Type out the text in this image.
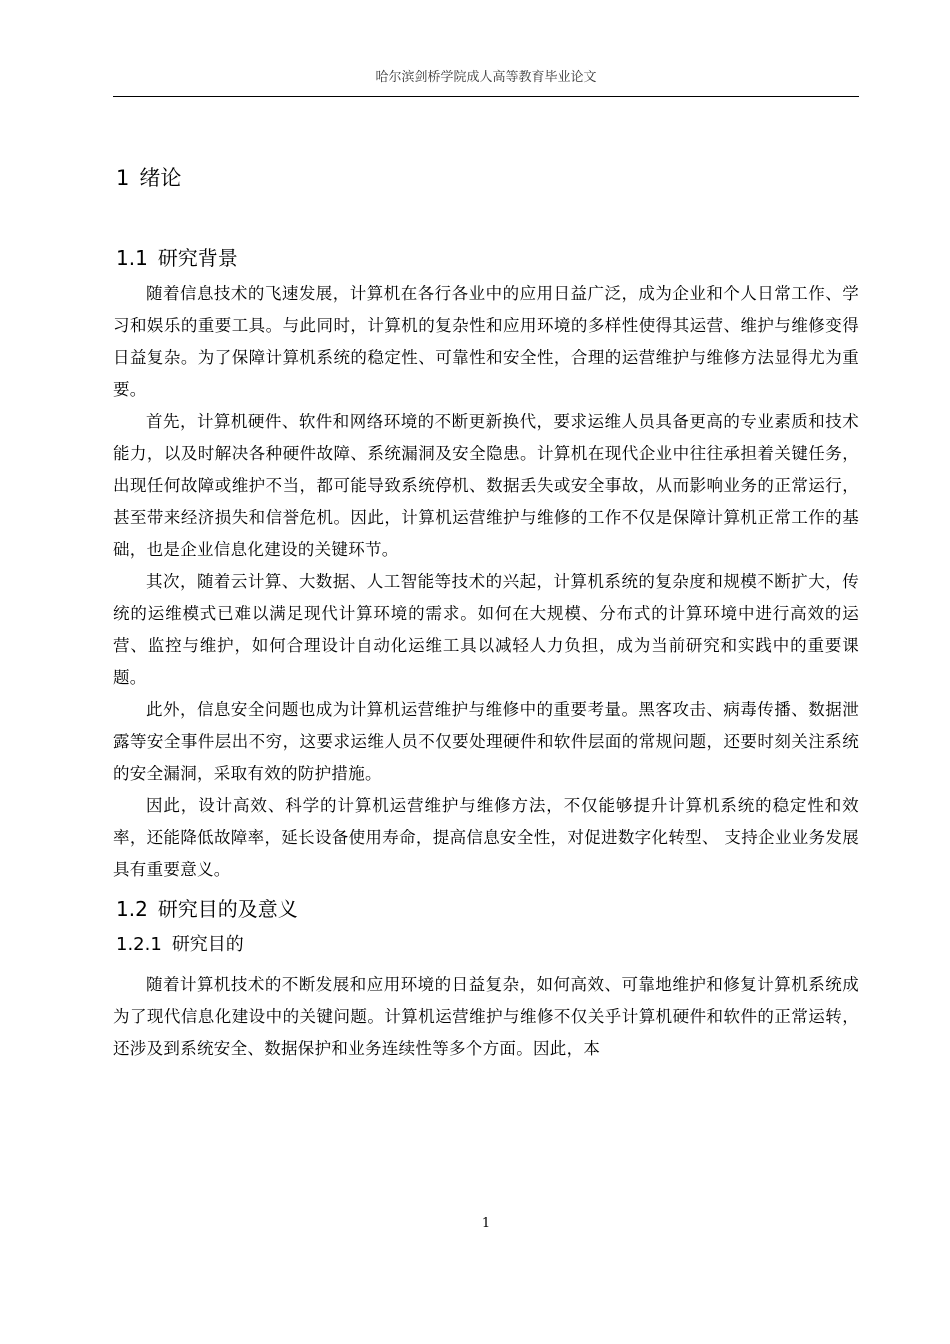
哈尔滨剑桥学院成人高等教育毕业论文
1 绪论
1.1 研究背景

随着信息技术的飞速发展，计算机在各行各业中的应用日益广泛，成为企业和个人日常工作、学习和娱乐的重要工具。与此同时，计算机的复杂性和应用环境的多样性使得其运营、维护与维修变得日益复杂。为了保障计算机系统的稳定性、可靠性和安全性，合理的运营维护与维修方法显得尤为重要。

首先，计算机硬件、软件和网络环境的不断更新换代，要求运维人员具备更高的专业素质和技术能力，以及时解决各种硬件故障、系统漏洞及安全隐患。计算机在现代企业中往往承担着关键任务，出现任何故障或维护不当，都可能导致系统停机、数据丢失或安全事故，从而影响业务的正常运行，甚至带来经济损失和信誉危机。因此，计算机运营维护与维修的工作不仅是保障计算机正常工作的基础，也是企业信息化建设的关键环节。

其次，随着云计算、大数据、人工智能等技术的兴起，计算机系统的复杂度和规模不断扩大，传统的运维模式已难以满足现代计算环境的需求。如何在大规模、分布式的计算环境中进行高效的运营、监控与维护，如何合理设计自动化运维工具以减轻人力负担，成为当前研究和实践中的重要课题。

此外，信息安全问题也成为计算机运营维护与维修中的重要考量。黑客攻击、病毒传播、数据泄露等安全事件层出不穷，这要求运维人员不仅要处理硬件和软件层面的常规问题，还要时刻关注系统的安全漏洞，采取有效的防护措施。

因此，设计高效、科学的计算机运营维护与维修方法，不仅能够提升计算机系统的稳定性和效率，还能降低故障率，延长设备使用寿命，提高信息安全性，对促进数字化转型、 支持企业业务发展具有重要意义。

1.2 研究目的及意义
1.2.1 研究目的

随着计算机技术的不断发展和应用环境的日益复杂，如何高效、可靠地维护和修复计算机系统成为了现代信息化建设中的关键问题。计算机运营维护与维修不仅关乎计算机硬件和软件的正常运转，还涉及到系统安全、数据保护和业务连续性等多个方面。因此，本

1
